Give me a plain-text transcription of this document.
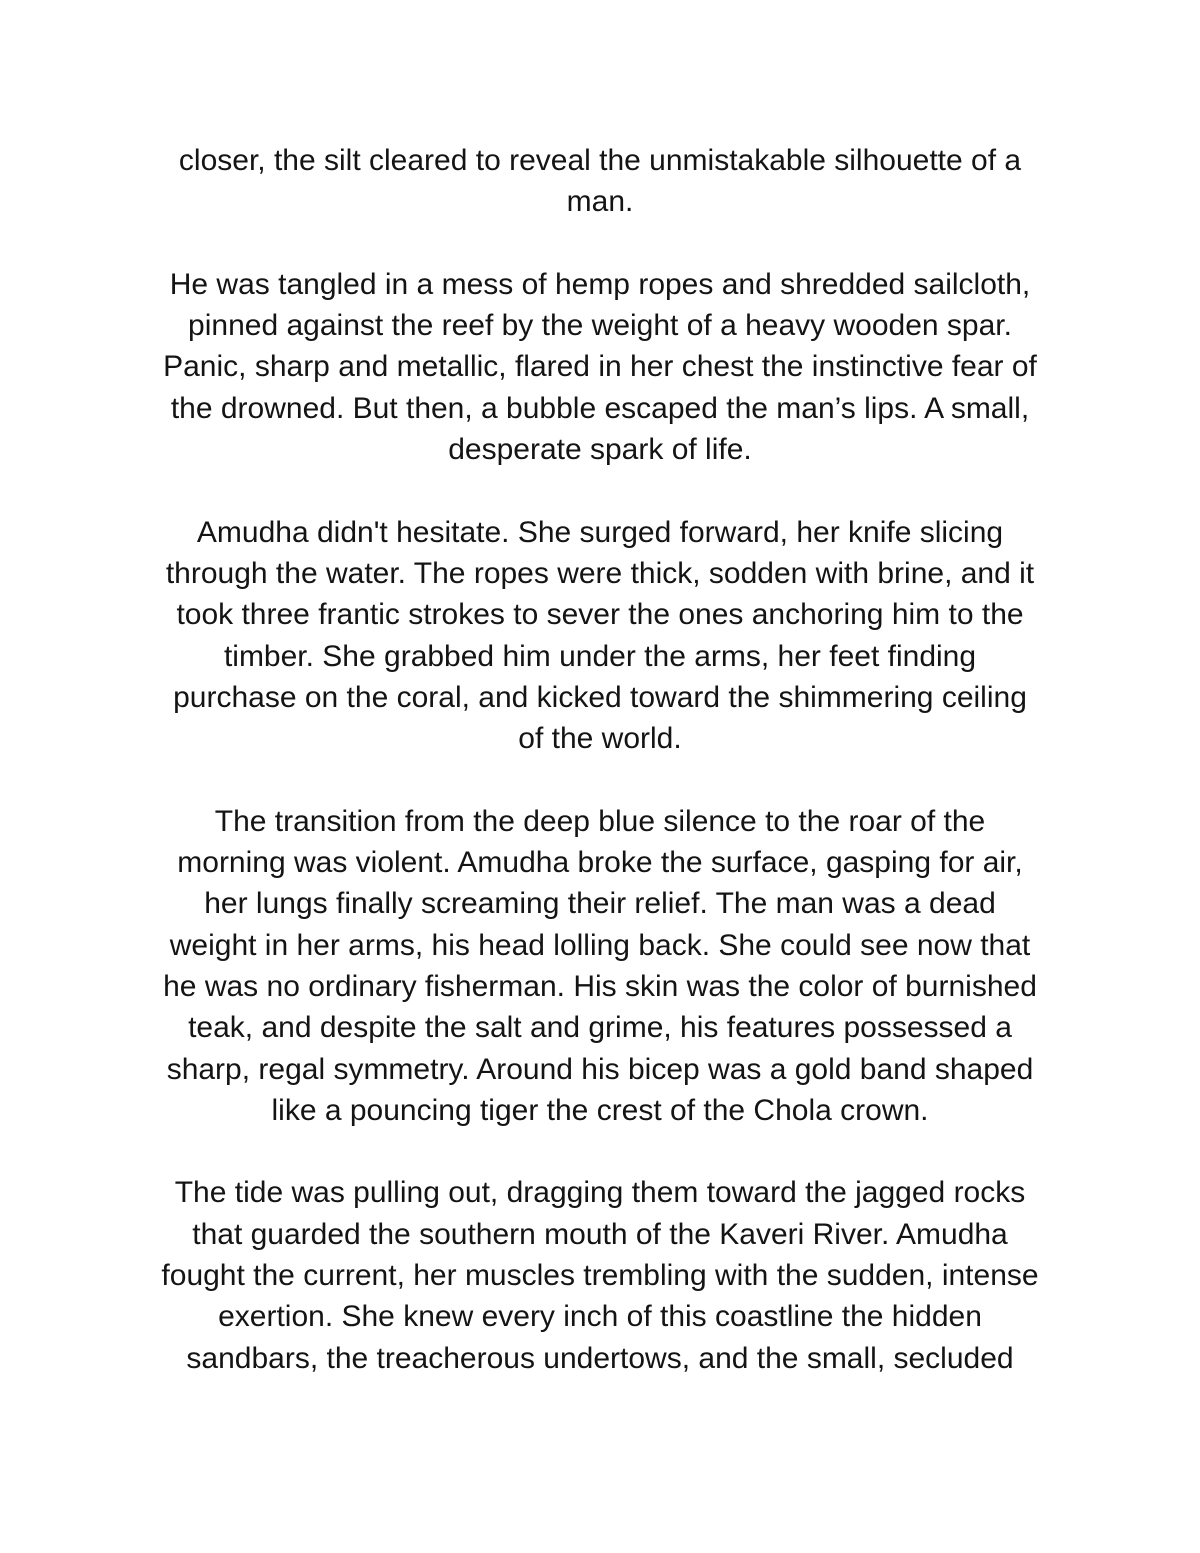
closer, the silt cleared to reveal the unmistakable silhouette of a
man.
He was tangled in a mess of hemp ropes and shredded sailcloth,
pinned against the reef by the weight of a heavy wooden spar.
Panic, sharp and metallic, flared in her chest the instinctive fear of
the drowned. But then, a bubble escaped the man’s lips. A small,
desperate spark of life.
Amudha didn't hesitate. She surged forward, her knife slicing
through the water. The ropes were thick, sodden with brine, and it
took three frantic strokes to sever the ones anchoring him to the
timber. She grabbed him under the arms, her feet finding
purchase on the coral, and kicked toward the shimmering ceiling
of the world.
The transition from the deep blue silence to the roar of the
morning was violent. Amudha broke the surface, gasping for air,
her lungs finally screaming their relief. The man was a dead
weight in her arms, his head lolling back. She could see now that
he was no ordinary fisherman. His skin was the color of burnished
teak, and despite the salt and grime, his features possessed a
sharp, regal symmetry. Around his bicep was a gold band shaped
like a pouncing tiger the crest of the Chola crown.
The tide was pulling out, dragging them toward the jagged rocks
that guarded the southern mouth of the Kaveri River. Amudha
fought the current, her muscles trembling with the sudden, intense
exertion. She knew every inch of this coastline the hidden
sandbars, the treacherous undertows, and the small, secluded
